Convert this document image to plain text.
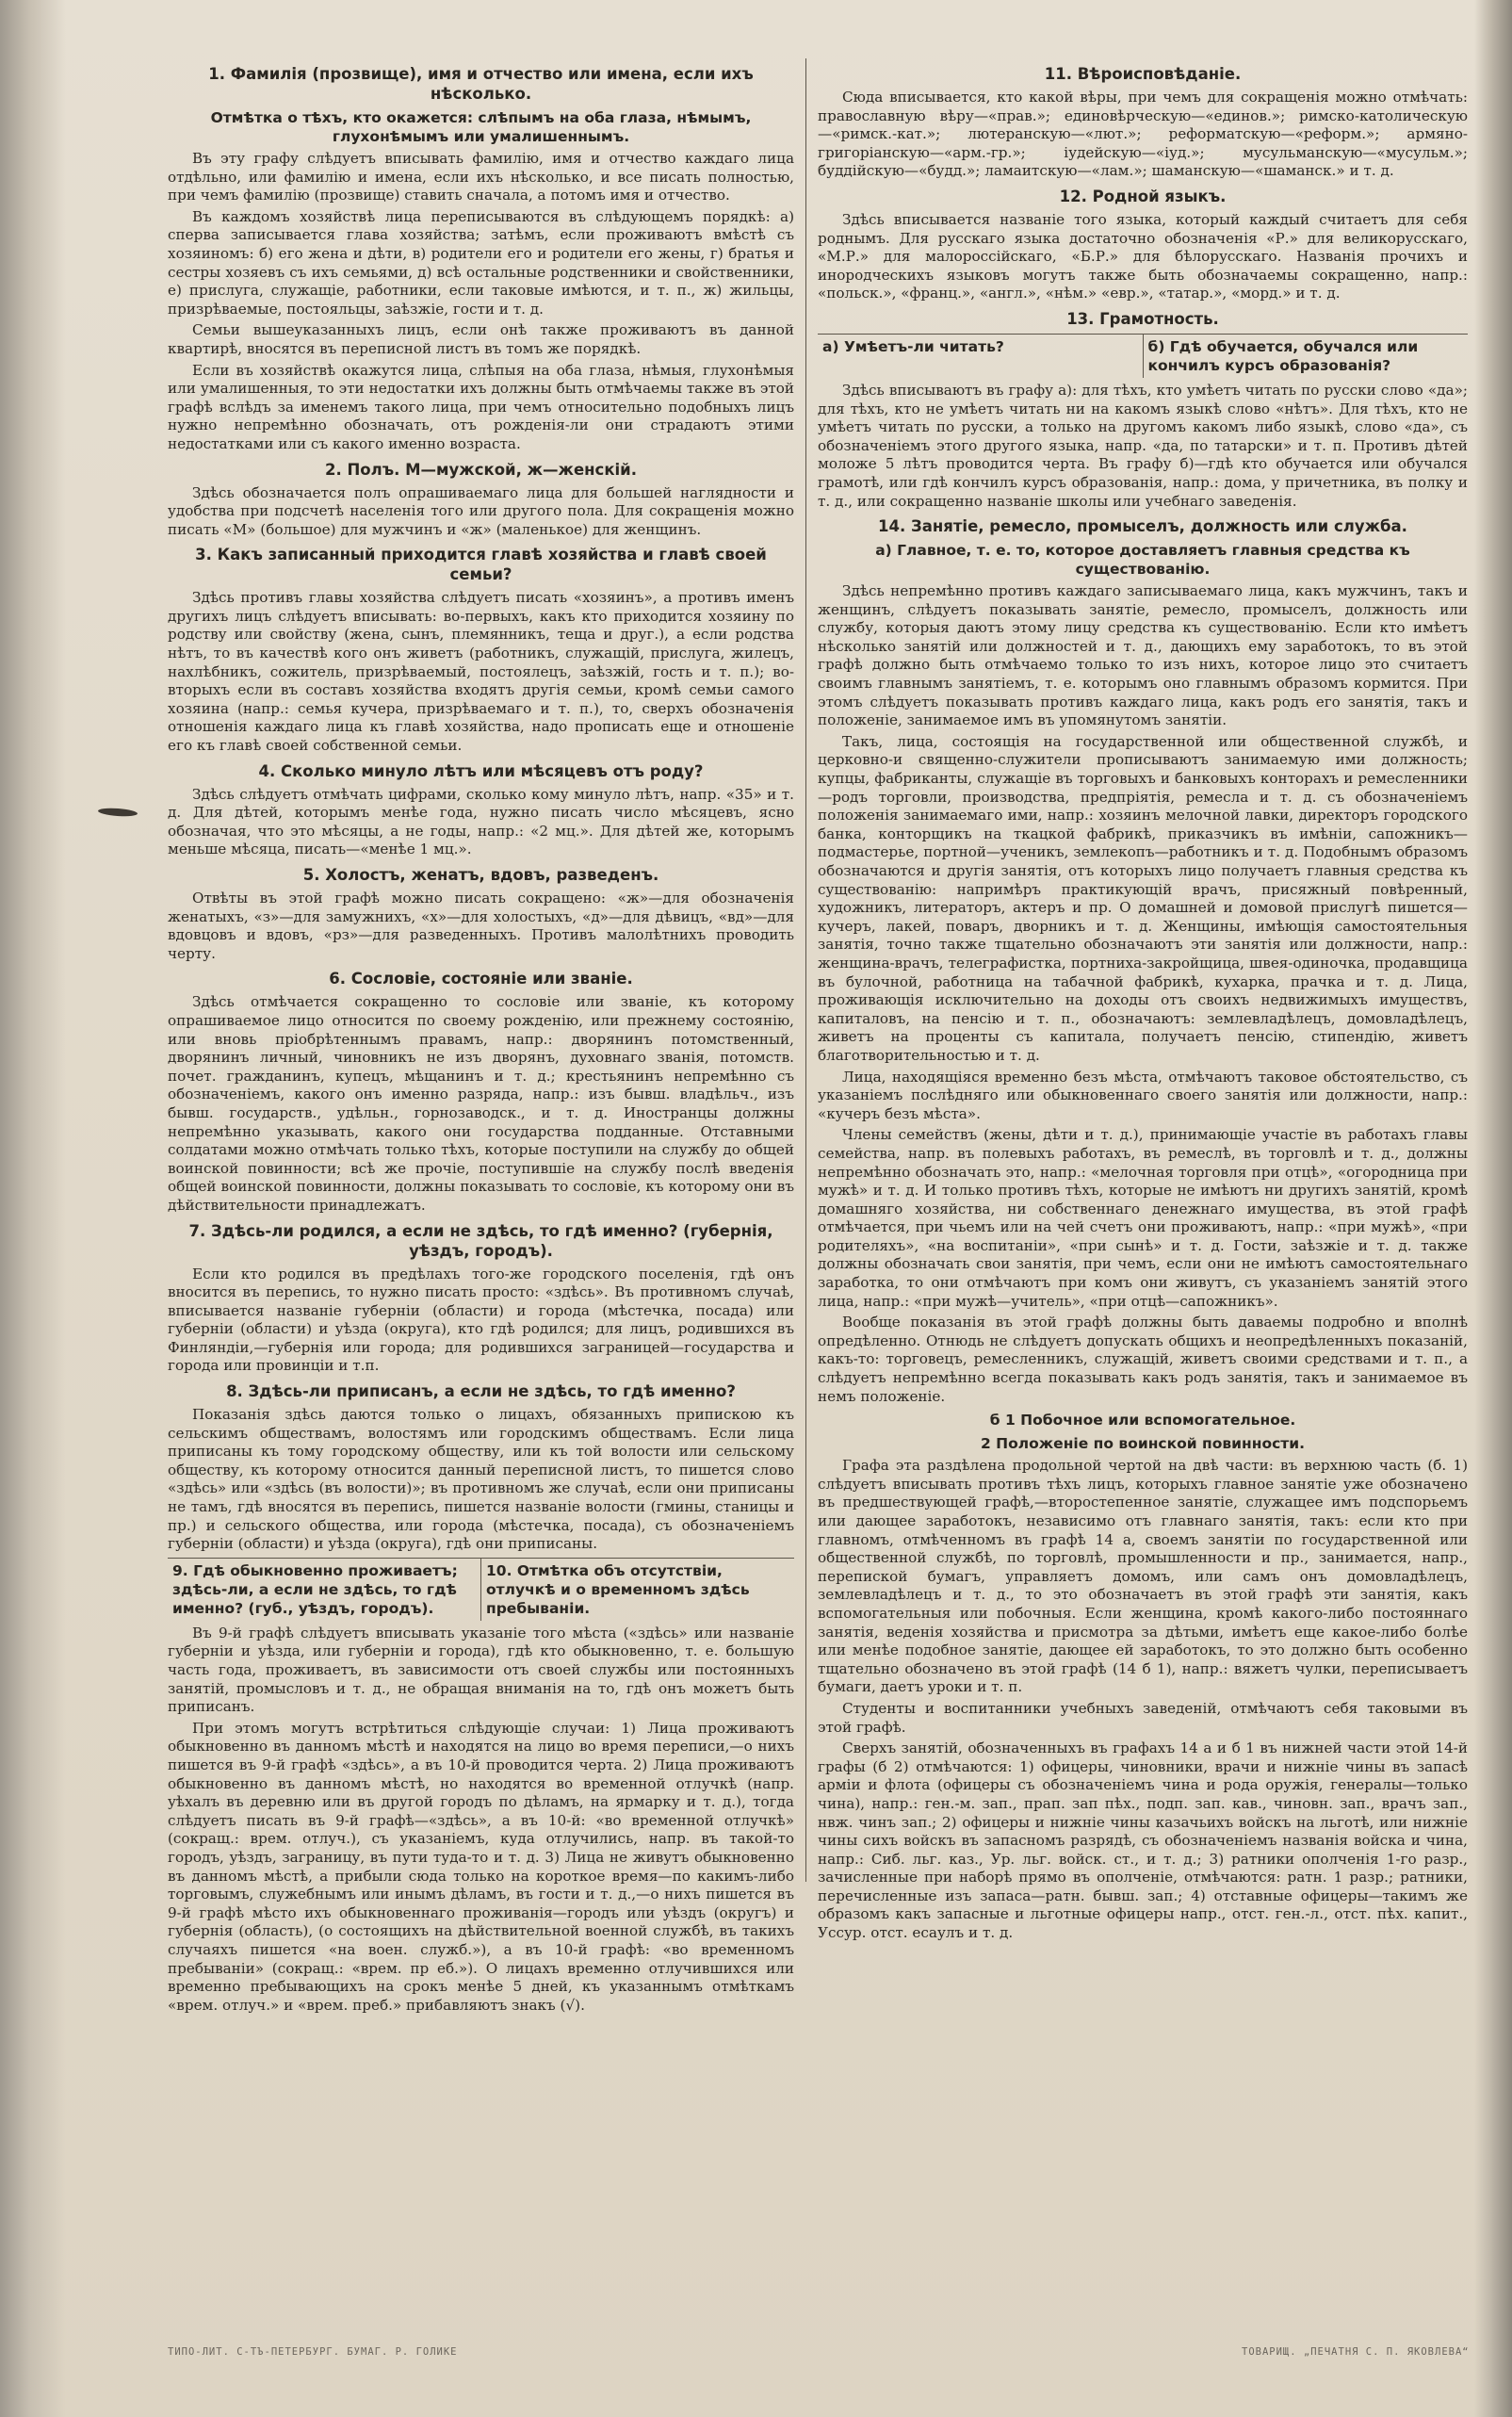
1. Фамилія (прозвище), имя и отчество или имена, если ихъ нѣсколько.
Отмѣтка о тѣхъ, кто окажется: слѣпымъ на оба глаза, нѣмымъ, глухонѣмымъ или умалишеннымъ.

Въ эту графу слѣдуетъ вписывать фамилію, имя и отчество каждаго лица отдѣльно, или фамилію и имена, если ихъ нѣсколько, и все писать полностью, при чемъ фамилію (прозвище) ставить сначала, а потомъ имя и отчество.

Въ каждомъ хозяйствѣ лица переписываются въ слѣдующемъ порядкѣ: а) сперва записывается глава хозяйства; затѣмъ, если проживаютъ вмѣстѣ съ хозяиномъ: б) его жена и дѣти, в) родители его и родители его жены, г) братья и сестры хозяевъ съ ихъ семьями, д) всѣ остальные родственники и свойственники, е) прислуга, служащіе, работники, если таковые имѣются, и т. п., ж) жильцы, призрѣваемые, постояльцы, заѣзжіе, гости и т. д.

Семьи вышеуказанныхъ лицъ, если онѣ также проживаютъ въ данной квартирѣ, вносятся въ переписной листъ въ томъ же порядкѣ.

Если въ хозяйствѣ окажутся лица, слѣпыя на оба глаза, нѣмыя, глухонѣмыя или умалишенныя, то эти недостатки ихъ должны быть отмѣчаемы также въ этой графѣ вслѣдъ за именемъ такого лица, при чемъ относительно подобныхъ лицъ нужно непремѣнно обозначать, отъ рожденія-ли они страдаютъ этими недостатками или съ какого именно возраста.

2. Полъ. М—мужской, ж—женскій.

Здѣсь обозначается полъ опрашиваемаго лица для большей наглядности и удобства при подсчетѣ населенія того или другого пола. Для сокращенія можно писать «М» (большое) для мужчинъ и «ж» (маленькое) для женщинъ.

3. Какъ записанный приходится главѣ хозяйства и главѣ своей семьи?

Здѣсь противъ главы хозяйства слѣдуетъ писать «хозяинъ», а противъ именъ другихъ лицъ слѣдуетъ вписывать: во-первыхъ, какъ кто приходится хозяину по родству или свойству (жена, сынъ, племянникъ, теща и друг.), а если родства нѣтъ, то въ качествѣ кого онъ живетъ (работникъ, служащій, прислуга, жилецъ, нахлѣбникъ, сожитель, призрѣваемый, постоялецъ, заѣзжій, гость и т. п.); во-вторыхъ если въ составъ хозяйства входятъ другія семьи, кромѣ семьи самого хозяина (напр.: семья кучера, призрѣваемаго и т. п.), то, сверхъ обозначенія отношенія каждаго лица къ главѣ хозяйства, надо прописать еще и отношеніе его къ главѣ своей собственной семьи.

4. Сколько минуло лѣтъ или мѣсяцевъ отъ роду?

Здѣсь слѣдуетъ отмѣчать цифрами, сколько кому минуло лѣтъ, напр. «35» и т. д. Для дѣтей, которымъ менѣе года, нужно писать число мѣсяцевъ, ясно обозначая, что это мѣсяцы, а не годы, напр.: «2 мц.». Для дѣтей же, которымъ меньше мѣсяца, писать—«менѣе 1 мц.».

5. Холостъ, женатъ, вдовъ, разведенъ.

Отвѣты въ этой графѣ можно писать сокращено: «ж»—для обозначенія женатыхъ, «з»—для замужнихъ, «х»—для холостыхъ, «д»—для дѣвицъ, «вд»—для вдовцовъ и вдовъ, «рз»—для разведенныхъ. Противъ малолѣтнихъ проводить черту.

6. Сословіе, состояніе или званіе.

Здѣсь отмѣчается сокращенно то сословіе или званіе, къ которому опрашиваемое лицо относится по своему рожденію, или прежнему состоянію, или вновь пріобрѣтеннымъ правамъ, напр.: дворянинъ потомственный, дворянинъ личный, чиновникъ не изъ дворянъ, духовнаго званія, потомств. почет. гражданинъ, купецъ, мѣщанинъ и т. д.; крестьянинъ непремѣнно съ обозначеніемъ, какого онъ именно разряда, напр.: изъ бывш. владѣльч., изъ бывш. государств., удѣльн., горнозаводск., и т. д. Иностранцы должны непремѣнно указывать, какого они государства подданные. Отставными солдатами можно отмѣчать только тѣхъ, которые поступили на службу до общей воинской повинности; всѣ же прочіе, поступившіе на службу послѣ введенія общей воинской повинности, должны показывать то сословіе, къ которому они въ дѣйствительности принадлежатъ.

7. Здѣсь-ли родился, а если не здѣсь, то гдѣ именно? (губернія, уѣздъ, городъ).

Если кто родился въ предѣлахъ того-же городского поселенія, гдѣ онъ вносится въ перепись, то нужно писать просто: «здѣсь». Въ противномъ случаѣ, вписывается названіе губерніи (области) и города (мѣстечка, посада) или губерніи (области) и уѣзда (округа), кто гдѣ родился; для лицъ, родившихся въ Финляндіи,—губернія или города; для родившихся заграницей—государства и города или провинціи и т.п.

8. Здѣсь-ли приписанъ, а если не здѣсь, то гдѣ именно?

Показанія здѣсь даются только о лицахъ, обязанныхъ припискою къ сельскимъ обществамъ, волостямъ или городскимъ обществамъ. Если лица приписаны къ тому городскому обществу, или къ той волости или сельскому обществу, къ которому относится данный переписной листъ, то пишется слово «здѣсь» или «здѣсь (въ волости)»; въ противномъ же случаѣ, если они приписаны не тамъ, гдѣ вносятся въ перепись, пишется названіе волости (гмины, станицы и пр.) и сельского общества, или города (мѣстечка, посада), съ обозначеніемъ губерніи (области) и уѣзда (округа), гдѣ они приписаны.

9. Гдѣ обыкновенно проживаетъ; здѣсь-ли, а если не здѣсь, то гдѣ именно? (губ., уѣздъ, городъ).
10. Отмѣтка объ отсутствіи, отлучкѣ и о временномъ здѣсь пребываніи.

Въ 9-й графѣ слѣдуетъ вписывать указаніе того мѣста («здѣсь» или названіе губерніи и уѣзда, или губерніи и города), гдѣ кто обыкновенно, т. е. большую часть года, проживаетъ, въ зависимости отъ своей службы или постоянныхъ занятій, промысловъ и т. д., не обращая вниманія на то, гдѣ онъ можетъ быть приписанъ.

При этомъ могутъ встрѣтиться слѣдующіе случаи: 1) Лица проживаютъ обыкновенно въ данномъ мѣстѣ и находятся на лицо во время переписи,—о нихъ пишется въ 9-й графѣ «здѣсь», а въ 10-й проводится черта. 2) Лица проживаютъ обыкновенно въ данномъ мѣстѣ, но находятся во временной отлучкѣ (напр. уѣхалъ въ деревню или въ другой городъ по дѣламъ, на ярмарку и т. д.), тогда слѣдуетъ писать въ 9-й графѣ—«здѣсь», а въ 10-й: «во временной отлучкѣ» (сокращ.: врем. отлуч.), съ указаніемъ, куда отлучились, напр. въ такой-то городъ, уѣздъ, заграницу, въ пути туда-то и т. д. 3) Лица не живутъ обыкновенно въ данномъ мѣстѣ, а прибыли сюда только на короткое время—по какимъ-либо торговымъ, служебнымъ или инымъ дѣламъ, въ гости и т. д.,—о нихъ пишется въ 9-й графѣ мѣсто ихъ обыкновеннаго проживанія—городъ или уѣздъ (округъ) и губернія (область), (о состоящихъ на дѣйствительной военной службѣ, въ такихъ случаяхъ пишется «на воен. служб.»), а въ 10-й графѣ: «во временномъ пребываніи» (сокращ.: «врем. пр еб.»). О лицахъ временно отлучившихся или временно пребывающихъ на срокъ менѣе 5 дней, къ указаннымъ отмѣткамъ «врем. отлуч.» и «врем. преб.» прибавляютъ знакъ (√).

11. Вѣроисповѣданіе.

Сюда вписывается, кто какой вѣры, при чемъ для сокращенія можно отмѣчать: православную вѣру—«прав.»; единовѣрческую—«единов.»; римско-католическую—«римск.-кат.»; лютеранскую—«лют.»; реформатскую—«реформ.»; армяно-григоріанскую—«арм.-гр.»; іудейскую—«іуд.»; мусульманскую—«мусульм.»; буддійскую—«будд.»; ламаитскую—«лам.»; шаманскую—«шаманск.» и т. д.

12. Родной языкъ.

Здѣсь вписывается названіе того языка, который каждый считаетъ для себя роднымъ. Для русскаго языка достаточно обозначенія «Р.» для великорусскаго, «М.Р.» для малороссійскаго, «Б.Р.» для бѣлорусскаго. Названія прочихъ и инородческихъ языковъ могутъ также быть обозначаемы сокращенно, напр.: «польск.», «франц.», «англ.», «нѣм.» «евр.», «татар.», «морд.» и т. д.

13. Грамотность.
а) Умѣетъ-ли читать?	б) Гдѣ обучается, обучался или кончилъ курсъ образованія?

Здѣсь вписываютъ въ графу а): для тѣхъ, кто умѣетъ читать по русски слово «да»; для тѣхъ, кто не умѣетъ читать ни на какомъ языкѣ слово «нѣтъ». Для тѣхъ, кто не умѣетъ читать по русски, а только на другомъ какомъ либо языкѣ, слово «да», съ обозначеніемъ этого другого языка, напр. «да, по татарски» и т. п. Противъ дѣтей моложе 5 лѣтъ проводится черта. Въ графу б)—гдѣ кто обучается или обучался грамотѣ, или гдѣ кончилъ курсъ образованія, напр.: дома, у причетника, въ полку и т. д., или сокращенно названіе школы или учебнаго заведенія.

14. Занятіе, ремесло, промыселъ, должность или служба.
а) Главное, т. е. то, которое доставляетъ главныя средства къ существованію.

Здѣсь непремѣнно противъ каждаго записываемаго лица, какъ мужчинъ, такъ и женщинъ, слѣдуетъ показывать занятіе, ремесло, промыселъ, должность или службу, которыя даютъ этому лицу средства къ существованію. Если кто имѣетъ нѣсколько занятій или должностей и т. д., дающихъ ему заработокъ, то въ этой графѣ должно быть отмѣчаемо только то изъ нихъ, которое лицо это считаетъ своимъ главнымъ занятіемъ, т. е. которымъ оно главнымъ образомъ кормится. При этомъ слѣдуетъ показывать противъ каждаго лица, какъ родъ его занятія, такъ и положеніе, занимаемое имъ въ упомянутомъ занятіи.

Такъ, лица, состоящія на государственной или общественной службѣ, и церковно-и священно-служители прописываютъ занимаемую ими должность; купцы, фабриканты, служащіе въ торговыхъ и банковыхъ конторахъ и ремесленники—родъ торговли, производства, предпріятія, ремесла и т. д. съ обозначеніемъ положенія занимаемаго ими, напр.: хозяинъ мелочной лавки, директоръ городского банка, конторщикъ на ткацкой фабрикѣ, приказчикъ въ имѣніи, сапожникъ—подмастерье, портной—ученикъ, землекопъ—работникъ и т. д. Подобнымъ образомъ обозначаются и другія занятія, отъ которыхъ лицо получаетъ главныя средства къ существованію: напримѣръ практикующій врачъ, присяжный повѣренный, художникъ, литераторъ, актеръ и пр. О домашней и домовой прислугѣ пишется—кучеръ, лакей, поваръ, дворникъ и т. д. Женщины, имѣющія самостоятельныя занятія, точно также тщательно обозначаютъ эти занятія или должности, напр.: женщина-врачъ, телеграфистка, портниха-закройщица, швея-одиночка, продавщица въ булочной, работница на табачной фабрикѣ, кухарка, прачка и т. д. Лица, проживающія исключительно на доходы отъ своихъ недвижимыхъ имуществъ, капиталовъ, на пенсію и т. п., обозначаютъ: землевладѣлецъ, домовладѣлецъ, живетъ на проценты съ капитала, получаетъ пенсію, стипендію, живетъ благотворительностью и т. д.

Лица, находящіяся временно безъ мѣста, отмѣчаютъ таковое обстоятельство, съ указаніемъ послѣдняго или обыкновеннаго своего занятія или должности, напр.: «кучеръ безъ мѣста».

Члены семействъ (жены, дѣти и т. д.), принимающіе участіе въ работахъ главы семейства, напр. въ полевыхъ работахъ, въ ремеслѣ, въ торговлѣ и т. д., должны непремѣнно обозначать это, напр.: «мелочная торговля при отцѣ», «огородница при мужѣ» и т. д. И только противъ тѣхъ, которые не имѣютъ ни другихъ занятій, кромѣ домашняго хозяйства, ни собственнаго денежнаго имущества, въ этой графѣ отмѣчается, при чьемъ или на чей счетъ они проживаютъ, напр.: «при мужѣ», «при родителяхъ», «на воспитаніи», «при сынѣ» и т. д. Гости, заѣзжіе и т. д. также должны обозначать свои занятія, при чемъ, если они не имѣютъ самостоятельнаго заработка, то они отмѣчаютъ при комъ они живутъ, съ указаніемъ занятій этого лица, напр.: «при мужѣ—учитель», «при отцѣ—сапожникъ».

Вообще показанія въ этой графѣ должны быть даваемы подробно и вполнѣ опредѣленно. Отнюдь не слѣдуетъ допускать общихъ и неопредѣленныхъ показаній, какъ-то: торговецъ, ремесленникъ, служащій, живетъ своими средствами и т. п., а слѣдуетъ непремѣнно всегда показывать какъ родъ занятія, такъ и занимаемое въ немъ положеніе.

б 1 Побочное или вспомогательное.
2 Положеніе по воинской повинности.

Графа эта раздѣлена продольной чертой на двѣ части: въ верхнюю часть (б. 1) слѣдуетъ вписывать противъ тѣхъ лицъ, которыхъ главное занятіе уже обозначено въ предшествующей графѣ,—второстепенное занятіе, служащее имъ подспорьемъ или дающее заработокъ, независимо отъ главнаго занятія, такъ: если кто при главномъ, отмѣченномъ въ графѣ 14 а, своемъ занятіи по государственной или общественной службѣ, по торговлѣ, промышленности и пр., занимается, напр., перепиской бумагъ, управляетъ домомъ, или самъ онъ домовладѣлецъ, землевладѣлецъ и т. д., то это обозначаетъ въ этой графѣ эти занятія, какъ вспомогательныя или побочныя. Если женщина, кромѣ какого-либо постояннаго занятія, веденія хозяйства и присмотра за дѣтьми, имѣетъ еще какое-либо болѣе или менѣе подобное занятіе, дающее ей заработокъ, то это должно быть особенно тщательно обозначено въ этой графѣ (14 б 1), напр.: вяжетъ чулки, переписываетъ бумаги, даетъ уроки и т. п.

Студенты и воспитанники учебныхъ заведеній, отмѣчаютъ себя таковыми въ этой графѣ.

Сверхъ занятій, обозначенныхъ въ графахъ 14 а и б 1 въ нижней части этой 14-й графы (б 2) отмѣчаются: 1) офицеры, чиновники, врачи и нижніе чины въ запасѣ арміи и флота (офицеры съ обозначеніемъ чина и рода оружія, генералы—только чина), напр.: ген.-м. зап., прап. зап пѣх., подп. зап. кав., чиновн. зап., врачъ зап., нвж. чинъ зап.; 2) офицеры и нижніе чины казачьихъ войскъ на льготѣ, или нижніе чины сихъ войскъ въ запасномъ разрядѣ, съ обозначеніемъ названія войска и чина, напр.: Сиб. льг. каз., Ур. льг. войск. ст., и т. д.; 3) ратники ополченія 1-го разр., зачисленные при наборѣ прямо въ ополченіе, отмѣчаются: ратн. 1 разр.; ратники, перечисленные изъ запаса—ратн. бывш. зап.; 4) отставные офицеры—такимъ же образомъ какъ запасные и льготные офицеры напр., отст. ген.-л., отст. пѣх. капит., Уссур. отст. есаулъ и т. д.

ТИПО-ЛИТ. С-ТЪ-ПЕТЕРБУРГ. БУМАГ. Р. ГОЛИКЕ	ТОВАРИЩ. „ПЕЧАТНЯ С. П. ЯКОВЛЕВА“
